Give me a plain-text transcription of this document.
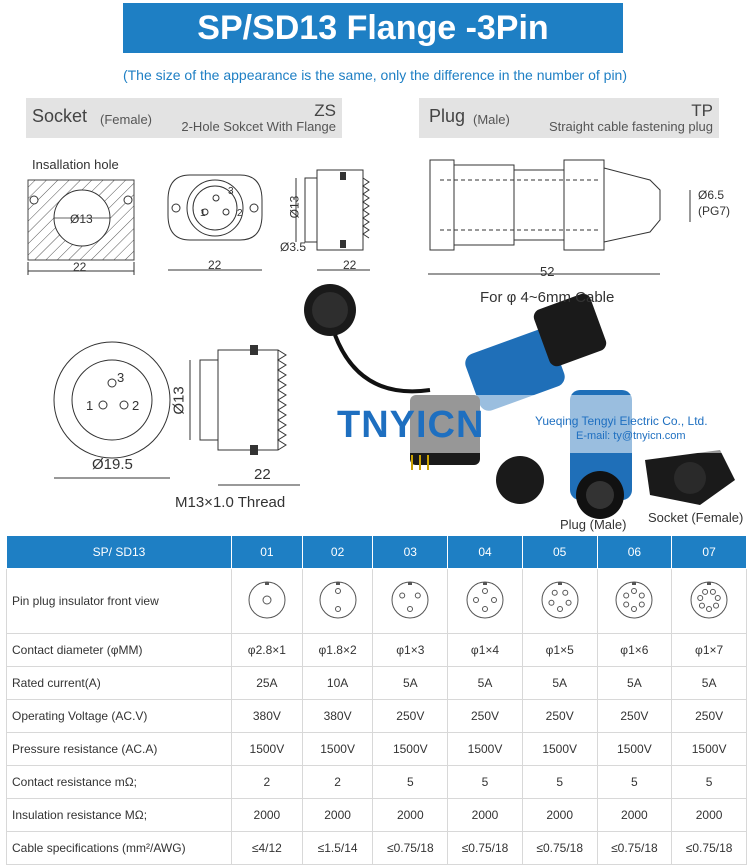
SP/SD13 Flange -3Pin
(The size of the appearance is the same, only the difference in the number of pin)
Socket (Female)	ZS
2-Hole Sokcet With Flange
Plug (Male)	TP
Straight cable fastening plug
Insallation hole
Ø13
22
1	2
3
22
Ø13
Ø3.5
22
Ø6.5
(PG7)
52
For φ 4~6mm Cable
1	2
3
Ø19.5
Ø13
22
M13×1.0 Thread
TNYICN	Yueqing Tengyi Electric Co., Ltd.
E-mail: ty@tnyicn.com
Plug (Male) Socket (Female)
SP/ SD13	01	02	03	04	05	06	07
Pin plug insulator front view							
Contact diameter (φMM)	φ2.8×1	φ1.8×2	φ1×3	φ1×4	φ1×5	φ1×6	φ1×7
Rated current(A)	25A	10A	5A	5A	5A	5A	5A
Operating Voltage (AC.V)	380V	380V	250V	250V	250V	250V	250V
Pressure resistance (AC.A)	1500V	1500V	1500V	1500V	1500V	1500V	1500V
Contact resistance mΩ;	2	2	5	5	5	5	5
Insulation resistance MΩ;	2000	2000	2000	2000	2000	2000	2000
Cable specifications (mm²/AWG)	≤4/12	≤1.5/14	≤0.75/18	≤0.75/18	≤0.75/18	≤0.75/18	≤0.75/18
